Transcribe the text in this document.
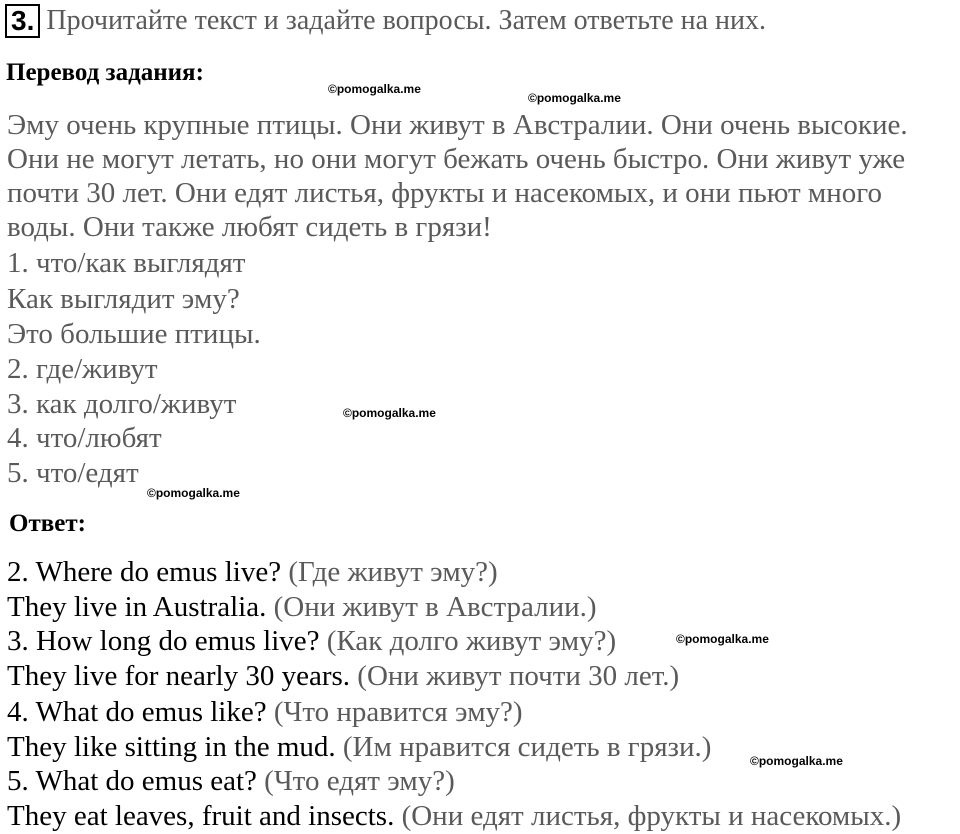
3. Прочитайте текст и задайте вопросы. Затем ответьте на них.
Перевод задания:
Эму очень крупные птицы. Они живут в Австралии. Они очень высокие.
Они не могут летать, но они могут бежать очень быстро. Они живут уже
почти 30 лет. Они едят листья, фрукты и насекомых, и они пьют много
воды. Они также любят сидеть в грязи!
1. что/как выглядят
Как выглядит эму?
Это большие птицы.
2. где/живут
3. как долго/живут
4. что/любят
5. что/едят
Ответ:
2. Where do emus live? (Где живут эму?)
They live in Australia. (Они живут в Австралии.)
3. How long do emus live? (Как долго живут эму?)
They live for nearly 30 years. (Они живут почти 30 лет.)
4. What do emus like? (Что нравится эму?)
They like sitting in the mud. (Им нравится сидеть в грязи.)
5. What do emus eat? (Что едят эму?)
They eat leaves, fruit and insects. (Они едят листья, фрукты и насекомых.)
©pomogalka.me
©pomogalka.me
©pomogalka.me
©pomogalka.me
©pomogalka.me
©pomogalka.me
